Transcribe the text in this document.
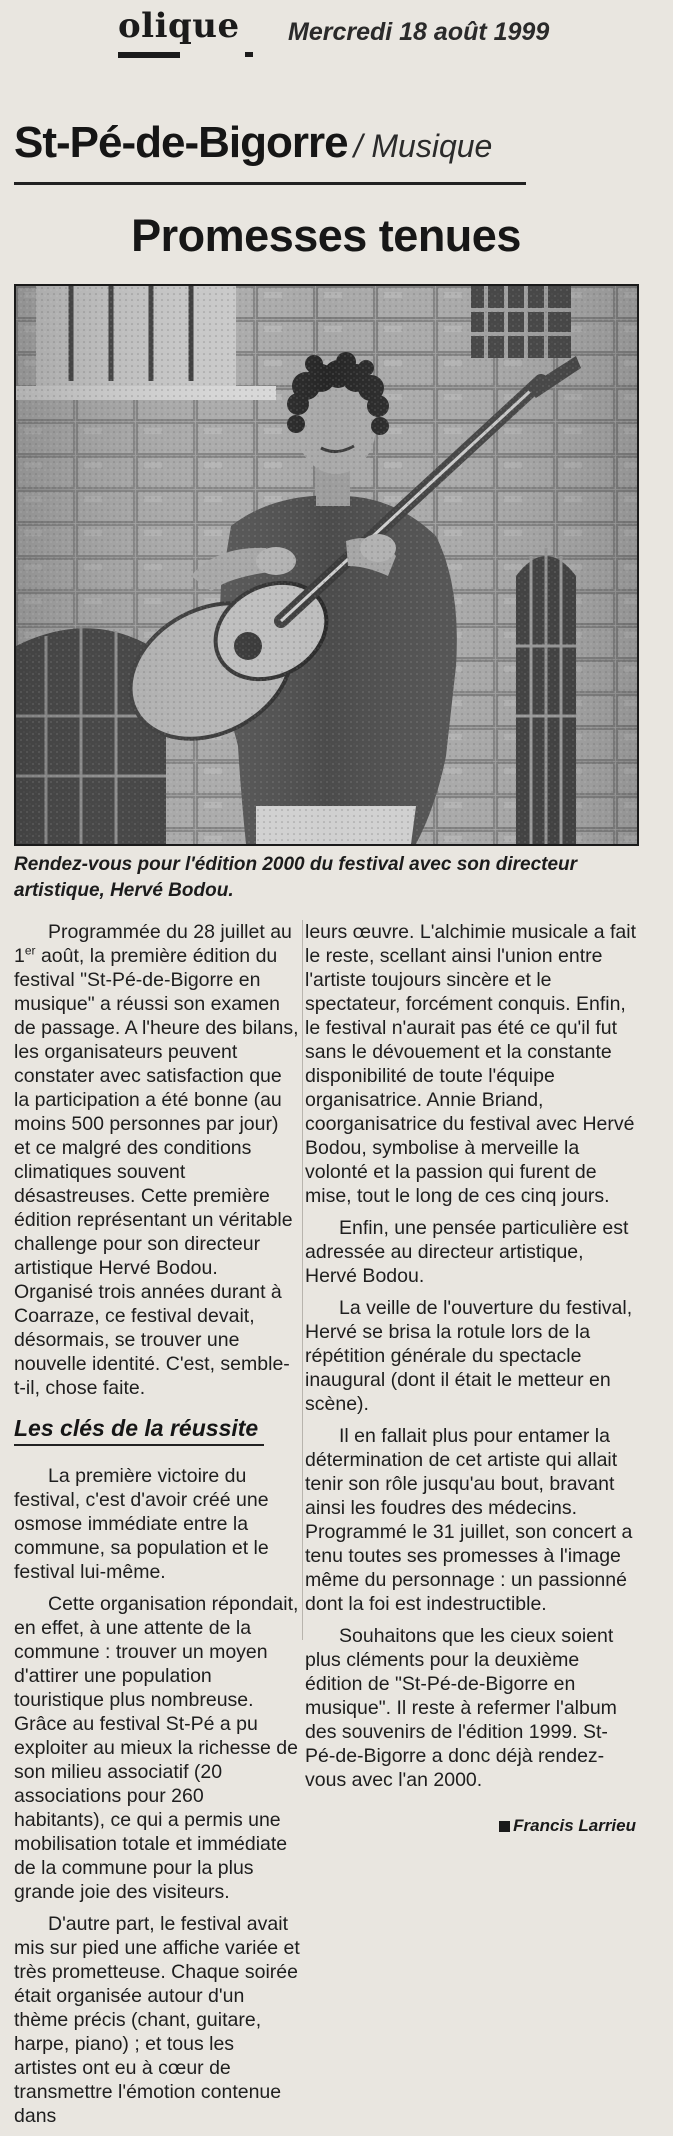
olique Mercredi 18 août 1999
St-Pé-de-Bigorre / Musique
Promesses tenues
Rendez-vous pour l'édition 2000 du festival avec son directeur artistique, Hervé Bodou.

Programmée du 28 juillet au 1er août, la première édition du festival "St-Pé-de-Bigorre en musique" a réussi son examen de passage. A l'heure des bilans, les organisateurs peuvent constater avec satisfaction que la participation a été bonne (au moins 500 personnes par jour) et ce malgré des conditions climatiques souvent désastreuses. Cette première édition représentant un véritable challenge pour son directeur artistique Hervé Bodou. Organisé trois années durant à Coarraze, ce festival devait, désormais, se trouver une nouvelle identité. C'est, semble-t-il, chose faite.

Les clés de la réussite

La première victoire du festival, c'est d'avoir créé une osmose immédiate entre la commune, sa population et le festival lui-même.

Cette organisation répondait, en effet, à une attente de la commune : trouver un moyen d'attirer une population touristique plus nombreuse. Grâce au festival St-Pé a pu exploiter au mieux la richesse de son milieu associatif (20 associations pour 260 habitants), ce qui a permis une mobilisation totale et immédiate de la commune pour la plus grande joie des visiteurs.

D'autre part, le festival avait mis sur pied une affiche variée et très prometteuse. Chaque soirée était organisée autour d'un thème précis (chant, guitare, harpe, piano) ; et tous les artistes ont eu à cœur de transmettre l'émotion contenue dans

leurs œuvre. L'alchimie musicale a fait le reste, scellant ainsi l'union entre l'artiste toujours sincère et le spectateur, forcément conquis. Enfin, le festival n'aurait pas été ce qu'il fut sans le dévouement et la constante disponibilité de toute l'équipe organisatrice. Annie Briand, coorganisatrice du festival avec Hervé Bodou, symbolise à merveille la volonté et la passion qui furent de mise, tout le long de ces cinq jours.

Enfin, une pensée particulière est adressée au directeur artistique, Hervé Bodou.

La veille de l'ouverture du festival, Hervé se brisa la rotule lors de la répétition générale du spectacle inaugural (dont il était le metteur en scène).

Il en fallait plus pour entamer la détermination de cet artiste qui allait tenir son rôle jusqu'au bout, bravant ainsi les foudres des médecins. Programmé le 31 juillet, son concert a tenu toutes ses promesses à l'image même du personnage : un passionné dont la foi est indestructible.

Souhaitons que les cieux soient plus cléments pour la deuxième édition de "St-Pé-de-Bigorre en musique". Il reste à refermer l'album des souvenirs de l'édition 1999. St-Pé-de-Bigorre a donc déjà rendez-vous avec l'an 2000.

Francis Larrieu
